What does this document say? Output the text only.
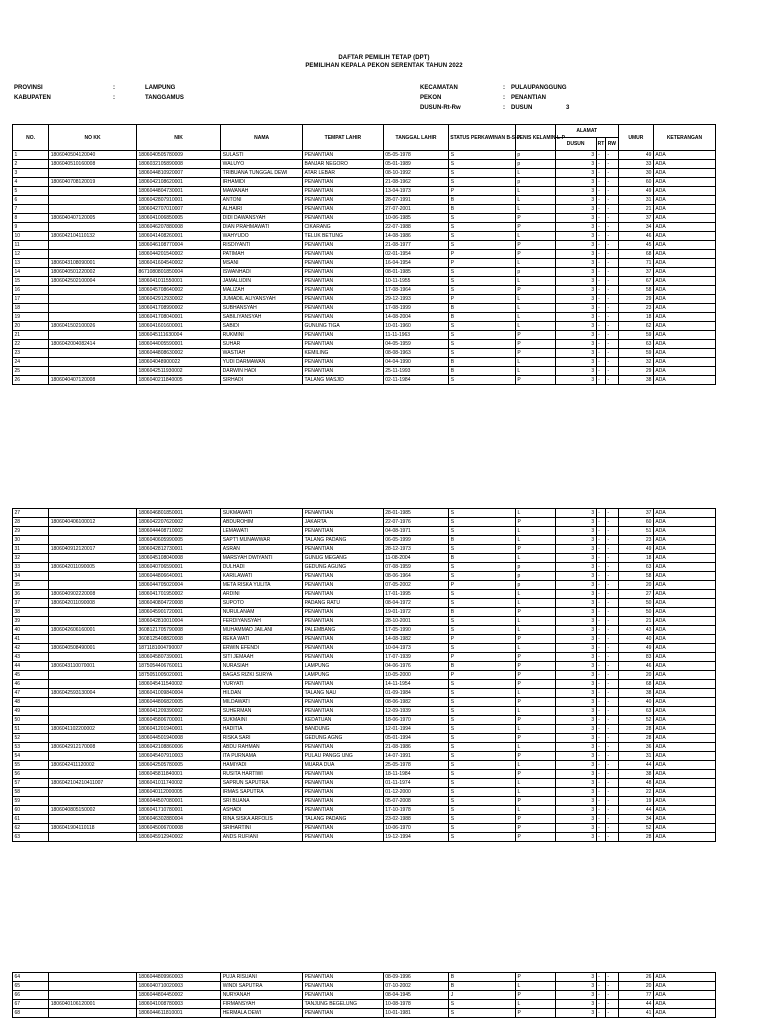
DAFTAR PEMILIH TETAP (DPT)
PEMILIHAN KEPALA PEKON SERENTAK TAHUN 2022
PROVINSI	:	LAMPUNG
KABUPATEN	:	TANGGAMUS
KECAMATAN	: PULAUPANGGUNG
PEKON	: PENANTIAN
DUSUN-Rt-Rw	: DUSUN	3
NO.	NO KK	NIK	NAMA	TEMPAT LAHIR	TANGGAL LAHIR	STATUS PERKAWINAN B-S-P	JENIS KELAMIN L-P	ALAMAT			UMUR	KETERANGAN
								DUSUN	RT	RW		
1	1806040504120040	1806040505780009	SULASTI	PENANTIAN	05-05-1978	S	p	3	-	-	49	ADA
2	1806040510160008	1806032105890008	WALUYO	BANJAR NEGORO	05-01-1989	S	p	3	-	-	33	ADA
3		1806044810920007	TRIBUANA TUNGGAL DEWI	ATAR LEBAR	08-10-1992	S	L	3	-	-	30	ADA
4	1806040708120019	1806042108620001	IRHAMIDI	PENANTIAN	21-08-1962	S	p	3	-	-	60	ADA
5		1806044804730001	MAWANAH	PENANTIAN	13-04-1973	P	L	3	-	-	49	ADA
6		1806042807910001	ANTONI	PENANTIAN	28-07-1991	B	L	3	-	-	31	ADA
7		1806042707010007	ALHAIRI	PENANTIAN	27-07-2001	B	L	3	-	-	21	ADA
8	1806040407120005	1806041006850005	DIDI DAWANSYAH	PENANTIAN	10-06-1985	S	P	3	-	-	37	ADA
9		1806046207880008	DIAN PRAHMAWATI	CIKARANG	22-07-1988	S	P	3	-	-	34	ADA
10	1806042104110132	1806041408260001	WAHYUDO	TELUK BETUNG	14-08-1986	S	L	3	-	-	46	ADA
11		1806046108770004	RISDIYANTI	PENANTIAN	21-08-1977	S	P	3	-	-	45	ADA
12		1806044201540002	PATIMAH	PENANTIAN	02-01-1954	P	P	3	-	-	68	ADA
13	1806043108090001	1806041604540002	MSANI	PENANTIAN	16-04-1954	P	L	3	-	-	71	ADA
14	1806040501220002	8671080801850004	ISWANHADI	PENANTIAN	08-01-1985	S	p	3	-	-	37	ADA
15	1806042502100004	1806041011550001	JAMALUDIN	PENANTIAN	10-11-1955	S	L	3	-	-	67	ADA
16		1806045708640002	MALIZAH	PENANTIAN	17-08-1964	S	P	3	-	-	58	ADA
17		1806042912930002	JUMADIL ALIYANSYAH	PENANTIAN	29-12-1993	P	L	3	-	-	29	ADA
18		1806041708990002	SUBHANSYAH	PENANTIAN	17-08-1999	B	L	3	-	-	23	ADA
19		1806041708040001	SABILIYANSYAH	PENANTIAN	14-08-2004	B	L	3	-	-	18	ADA
20	1806041502100026	1806041601600001	SABIDI	GUNUNG TIGA	10-01-1960	S	L	3	-	-	62	ADA
21		1806045111630004	RUKMINI	PENANTIAN	11-11-1963	S	P	3	-	-	59	ADA
22	1806042004082414	1806044005590001	SUHAR	PENANTIAN	04-05-1959	S	P	3	-	-	63	ADA
23		1806044808630002	WASTIAH	KEMILING	08-08-1963	S	P	3	-	-	59	ADA
24		180604048900022	YUDI DARMAWAN	PENANTIAN	04-04-1990	B	L	3	-	-	32	ADA
25		1806042511930002	DARWIN HADI	PENANTIAN	25-11-1993	B	L	3	-	-	29	ADA
26	1806040407120008	1806040211840005	SIRHADI	TALANG MASJID	02-11-1984	S	P	3	-	-	38	ADA
27		1806046801850001	SUKMAWATI	PENANTIAN	28-01-1985	S	L	3	-	-	37	ADA
28	1806040406100012	1806042207620002	ABDUROHIM	JAKARTA	22-07-1976	S	P	3	-	-	60	ADA
29		1806044408710002	LEMAWATI	PENANTIAN	04-08-1971	S	L	3	-	-	51	ADA
30		1806040605990005	SAPT'I MUNAWWAR	TALANG PADANG	06-05-1999	B	L	3	-	-	23	ADA
31	1806040912120017	1806042812730001	ASRAN	PENANTIAN	28-12-1973	S	P	3	-	-	49	ADA
32		1806045108040008	MARSYAH DWIYANTI	GUNUG MEGANG	11-08-2004	B	L	3	-	-	18	ADA
33	1806042011090005	1806040706590001	DULHADI	GEDUNG AGUNG	07-08-1959	S	p	3	-	-	63	ADA
34		1806044806640001	KARILAWATI	PENANTIAN	08-06-1964	S	p	3	-	-	58	ADA
35		1806044705020004	META RISKA YULITA	PENANTIAN	07-05-2002	P	p	3	-	-	20	ADA
36	1806040902220008	1806041701950002	ARDINI	PENANTIAN	17-01-1995	S	L	3	-	-	27	ADA
37	1806042011090008	1806040804720008	SUPOTO	PADANG RATU	08-04-1972	S	L	3	-	-	50	ADA
38		1806045901720001	NURULANAM	PENANTIAN	19-01-1972	B	P	3	-	-	50	ADA
39		1806042810010004	FERDIYANSYAH	PENANTIAN	28-10-2001	S	L	3	-	-	21	ADA
40	1806042606160001	3608121705790008	MUHAMMAD JAILANI	PALEMBANG	17-05-1990	S	L	3	-	-	43	ADA
41		3608125408820008	REKA WATI	PENANTIAN	14-08-1982	P	P	3	-	-	40	ADA
42	1806040508490001	1871181004790007	ERWIN EFENDI	PENANTIAN	10-04-1973	S	L	3	-	-	49	ADA
43		1806045807390001	SITI JEMAAH	PENANTIAN	17-07-1939	P	P	3	-	-	83	ADA
44	1806043110070001	1875054406760011	NURASIAH	LAMPUNG	04-06-1976	B	P	3	-	-	46	ADA
45		1875051005020001	BAGAS RIZKI SURYA	LAMPUNG	10-05-2000	P	P	3	-	-	20	ADA
46		1806045411540002	YURYATI	PENANTIAN	14-11-1954	S	P	3	-	-	68	ADA
47	1806042593130004	1806041009840004	HILDAN	TALANG NAU	01-09-1984	S	L	3	-	-	38	ADA
48		1806044806820005	MILDAWATI	PENANTIAN	08-06-1982	S	P	3	-	-	40	ADA
49		1806041209390002	SUHERMAN	PENANTIAN	12-09-1939	S	L	3	-	-	63	ADA
50		1806045806700001	SUKMAINI	KEDATUAN	18-06-1970	S	P	3	-	-	52	ADA
51	1806041102200002	1806041201940001	HADITIA	BANDUNG	12-01-1994	S	L	3	-	-	28	ADA
52		1806044501940008	RISKA SARI	GEDUNG AGNG	05-01-1994	S	P	3	-	-	28	ADA
53	1806042912170008	1806042108860006	ABDU RAHMAN	PENANTIAN	21-08-1986	S	L	3	-	-	36	ADA
54		1806045407910003	ITA PURNAMA	PULAU PANGG UNG	14-07-1991	S	P	3	-	-	31	ADA
55	1806042411120002	1806042505780005	HAMIYADI	MUARA DUA	25-05-1978	S	L	3	-	-	44	ADA
56		1806045811840001	RUSITA HARTIWI	PENANTIAN	18-11-1984	S	P	3	-	-	38	ADA
57	1806042104210411007	1806041011740002	SAPRUN SAPUTRA	PENANTIAN	01-11-1974	S	L	3	-	-	48	ADA
58		1806040112000005	IRMAS SAPUTRA	PENANTIAN	01-12-2000	S	L	3	-	-	22	ADA
59		1806044507080001	SRI BUANA	PENANTIAN	05-07-2008	S	P	3	-	-	19	ADA
60	1806040805150002	1806041710780001	ASHADI	PENANTIAN	17-10-1978	S	L	3	-	-	44	ADA
61		1806046302880004	RINA SISKA ARFOLIS	TALANG PADANG	23-02-1988	S	P	3	-	-	34	ADA
62	1806041904110118	1806045006700008	SRIHARTINI	PENANTIAN	10-06-1970	S	P	3	-	-	52	ADA
63		1806045912940002	ANDS RUFIANI	PENANTIAN	19-12-1994	S	P	3	-	-	28	ADA
64		1806044809960003	PUJA RISUANI	PENANTIAN	08-09-1996	B	P	3	-	-	26	ADA
65		1806040710020003	WINDI SAPUTRA	PENANTIAN	07-10-2002	B	L	3	-	-	20	ADA
66		1806044804450002	NURYANAH	PENANTIAN	08-04-1945	J	P	3	-	-	77	ADA
67	1806040106120001	1806041008780003	FIRMANSYAH	TANJUNG BEGELUNG	10-08-1978	S	L	3	-	-	44	ADA
68		1806044611810001	HERMALA DEWI	PENANTIAN	10-01-1981	S	P	3	-	-	41	ADA
